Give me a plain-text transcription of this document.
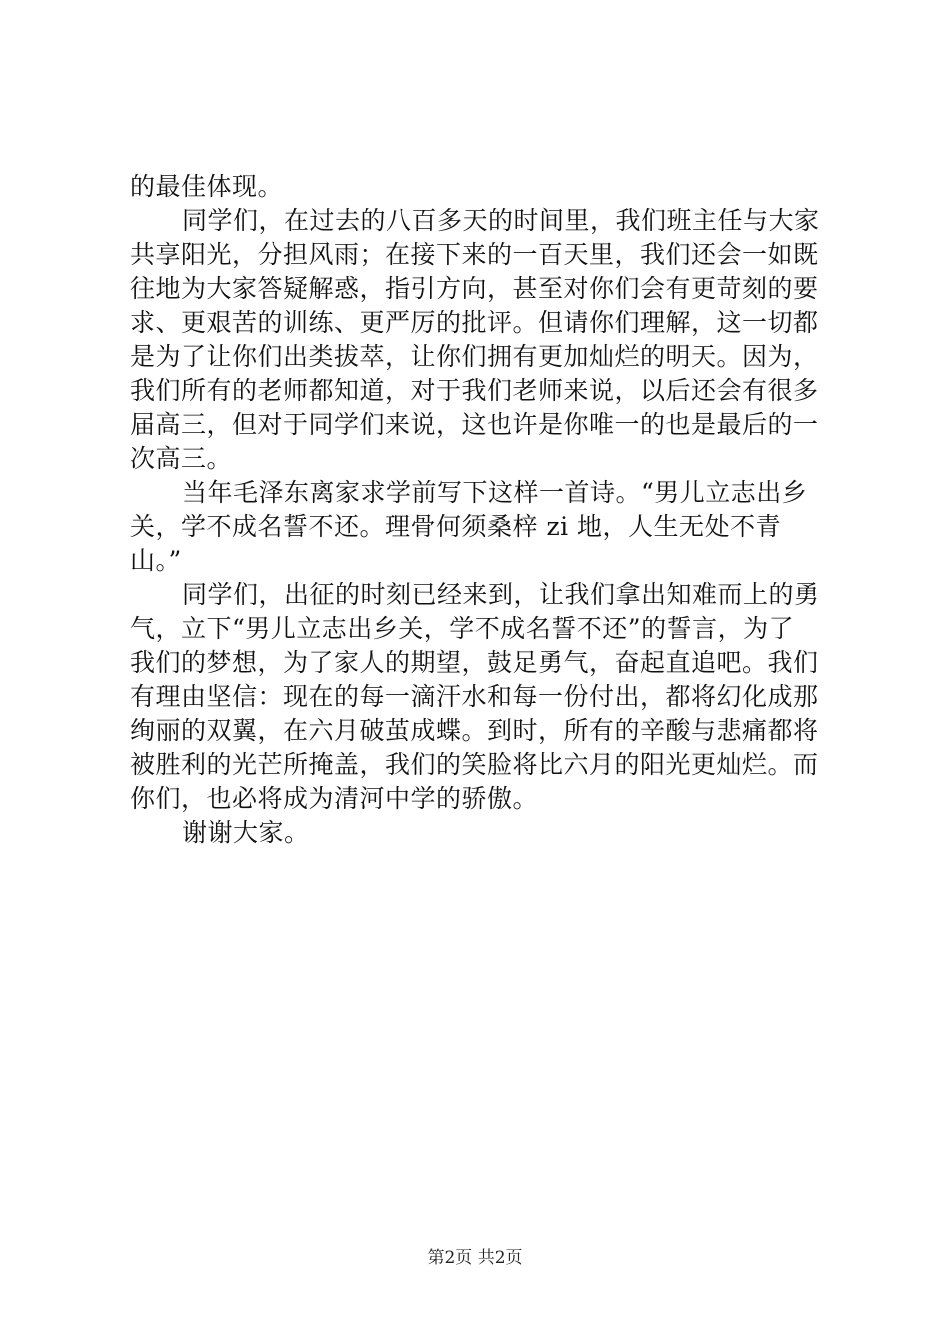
的最佳体现。
同学们，在过去的八百多天的时间里，我们班主任与大家
共享阳光，分担风雨；在接下来的一百天里，我们还会一如既
往地为大家答疑解惑，指引方向，甚至对你们会有更苛刻的要
求、更艰苦的训练、更严厉的批评。但请你们理解，这一切都
是为了让你们出类拔萃，让你们拥有更加灿烂的明天。因为，
我们所有的老师都知道，对于我们老师来说，以后还会有很多
届高三，但对于同学们来说，这也许是你唯一的也是最后的一
次高三。
当年毛泽东离家求学前写下这样一首诗。“男儿立志出乡
关，学不成名誓不还。理骨何须桑梓 zi 地，人生无处不青
山。”
同学们，出征的时刻已经来到，让我们拿出知难而上的勇
气，立下“男儿立志出乡关，学不成名誓不还”的誓言，为了
我们的梦想，为了家人的期望，鼓足勇气，奋起直追吧。我们
有理由坚信：现在的每一滴汗水和每一份付出，都将幻化成那
绚丽的双翼，在六月破茧成蝶。到时，所有的辛酸与悲痛都将
被胜利的光芒所掩盖，我们的笑脸将比六月的阳光更灿烂。而
你们，也必将成为清河中学的骄傲。
谢谢大家。
第2页 共2页
